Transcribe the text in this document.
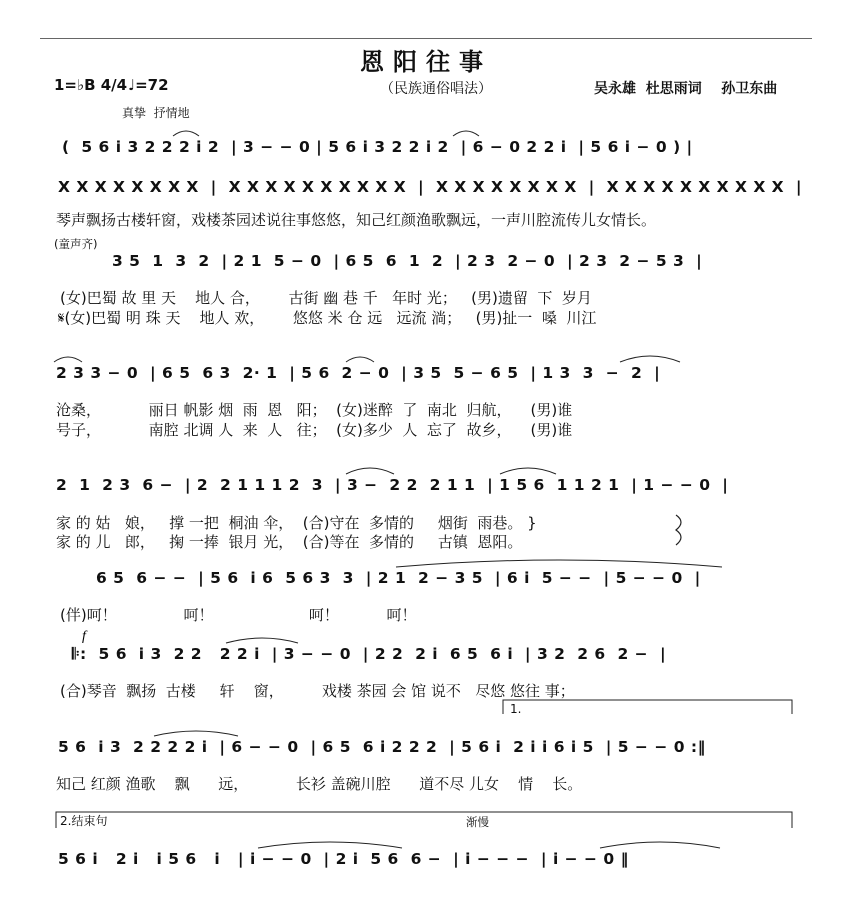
恩阳往事
1=♭B 4/4 ♩=72	（民族通俗唱法）	吴永雄  杜思雨词    孙卫东曲
真挚  抒情地
(  5 6 i 3 2 2 2 i 2  | 3 − − 0 | 5 6 i 3 2 2 i 2  | 6 − 0 2 2 i  | 5 6 i − 0 ) |
X X X X X X X X  |  X X X X X X X X X X  |  X X X X X X X X  |  X X X X X X X X X X  |
琴声飘扬古楼轩窗，戏楼茶园述说往事悠悠，知己红颜渔歌飘远，一声川腔流传儿女情长。
(童声齐)
3 5  1  3  2  | 2 1  5 − 0  | 6 5  6  1  2  | 2 3  2 − 0  | 2 3  2 − 5 3  |
(女)巴蜀 故 里 天    地人 合，      古街 幽 巷 千   年时 光；   (男)遗留  下  岁月
𝄋(女)巴蜀 明 珠 天    地人 欢，      悠悠 米 仓 远   远流 淌；   (男)扯一  嗓  川江
2 3 3 − 0  | 6 5  6 3  2· 1  | 5 6  2 − 0  | 3 5  5 − 6 5  | 1 3  3  −  2  |
沧桑，          丽日 帆影 烟  雨  恩   阳；  (女)迷醉  了  南北  归航，    (男)谁
号子，          南腔 北调 人  来  人   往；  (女)多少  人  忘了  故乡，    (男)谁
2  1  2 3  6 −  | 2  2 1 1 1 2  3  | 3 −  2 2  2 1 1  | 1 5 6  1 1 2 1  | 1 − − 0  |
家 的 姑   娘，   撑 一把  桐油 伞，  (合)守在  多情的     烟街  雨巷。 }
家 的 儿   郎，   掬 一捧  银月 光，  (合)等在  多情的     古镇  恩阳。
6 5  6 − −  | 5 6  i 6  5 6 3  3  | 2 1  2 − 3 5  | 6 i  5 − −  | 5 − − 0  |
(伴)呵！              呵！                    呵！          呵！
𝄆:  5 6  i 3  2 2   2 2 i  | 3 − − 0  | 2 2  2 i  6 5  6 i  | 3 2  2 6  2 −  |
(合)琴音  飘扬  古楼     轩    窗，        戏楼 茶园 会 馆 说不   尽悠 悠往 事；
1.
5 6  i 3  2 2 2 2 i  | 6 − − 0  | 6 5  6 i 2 2 2  | 5 6 i  2 i i 6 i 5  | 5 − − 0 :‖
知己 红颜 渔歌    飘      远，          长衫 盖碗川腔      道不尽 儿女    情    长。
2.结束句	渐慢
5 6 i   2 i   i 5 6   i   | i − − 0  | 2 i  5 6  6 −  | i − − −  | i − − 0 ‖
f
